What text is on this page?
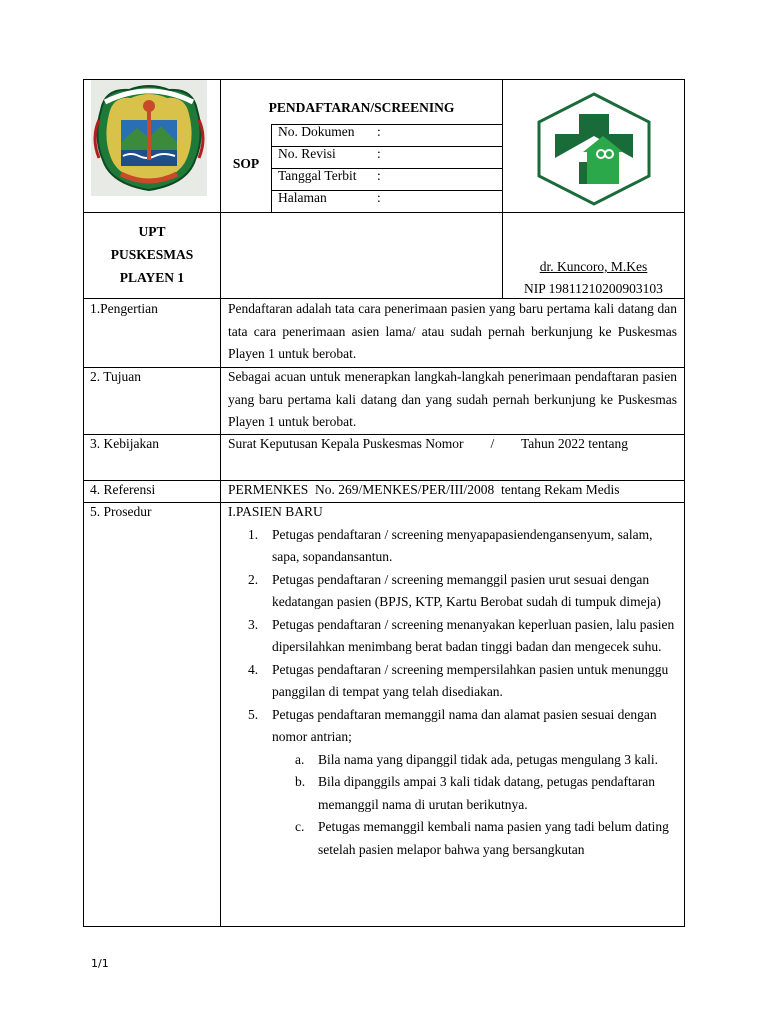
PENDAFTARAN/SCREENING
SOP
No. Dokumen :
No. Revisi	:
Tanggal Terbit :
Halaman	:
UPT
PUSKESMAS
PLAYEN 1
dr. Kuncoro, M.Kes
NIP 19811210200903103
1.Pengertian	Pendaftaran adalah tata cara penerimaan pasien yang baru pertama kali datang dan tata cara penerimaan asien lama/ atau sudah pernah berkunjung ke Puskesmas Playen 1 untuk berobat.
2. Tujuan	Sebagai acuan untuk menerapkan langkah-langkah penerimaan pendaftaran pasien yang baru pertama kali datang dan yang sudah pernah berkunjung ke Puskesmas Playen 1 untuk berobat.
3. Kebijakan	Surat Keputusan Kepala Puskesmas Nomor        /        Tahun 2022 tentang
4. Referensi	PERMENKES  No. 269/MENKES/PER/III/2008  tentang Rekam Medis
5. Prosedur	I.PASIEN BARU
1. Petugas pendaftaran / screening menyapapasiendengansenyum, salam, sapa, sopandansantun.
2. Petugas pendaftaran / screening memanggil pasien urut sesuai dengan kedatangan pasien (BPJS, KTP, Kartu Berobat sudah di tumpuk dimeja)
3. Petugas pendaftaran / screening menanyakan keperluan pasien, lalu pasien dipersilahkan menimbang berat badan tinggi badan dan mengecek suhu.
4. Petugas pendaftaran / screening mempersilahkan pasien untuk menunggu panggilan di tempat yang telah disediakan.
5. Petugas pendaftaran memanggil nama dan alamat pasien sesuai dengan nomor antrian;
a. Bila nama yang dipanggil tidak ada, petugas mengulang 3 kali.
b. Bila dipanggils ampai 3 kali tidak datang, petugas pendaftaran memanggil nama di urutan berikutnya.
c. Petugas memanggil kembali nama pasien yang tadi belum dating setelah pasien melapor bahwa yang bersangkutan
1/1
